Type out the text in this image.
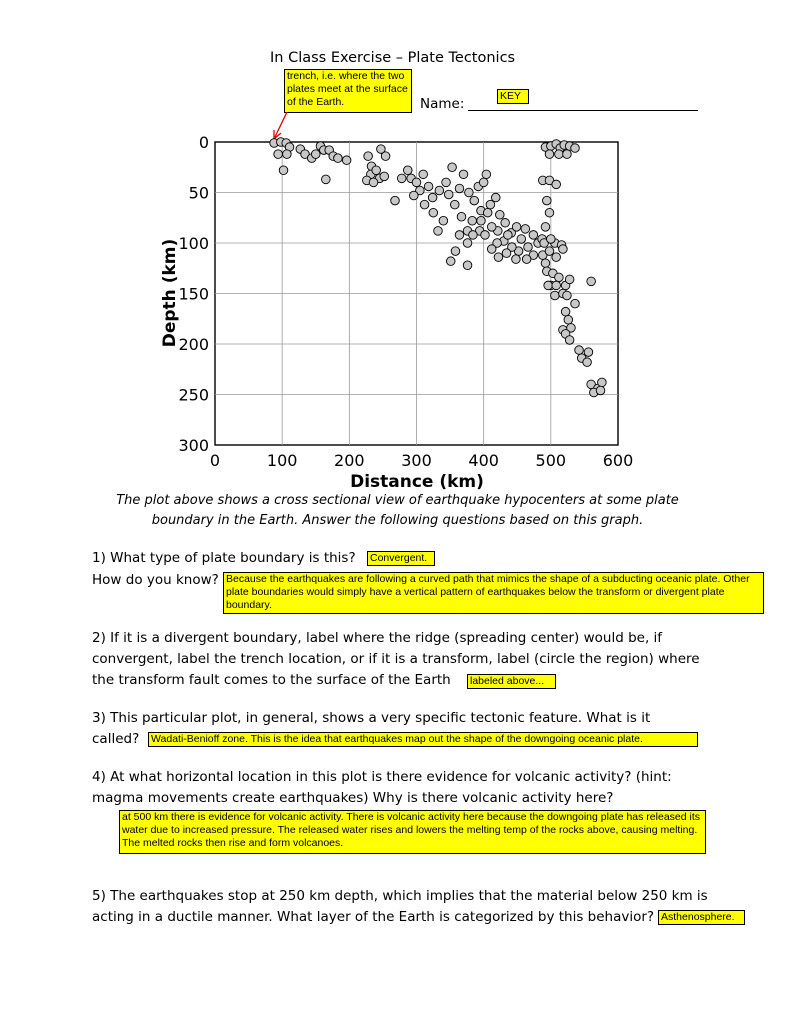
In Class Exercise – Plate Tectonics
trench, i.e. where the two plates meet at the surface of the Earth.	Name:	KEY
0	100 200 300 400 500 600
0
50
100
150
200
250
300
Distance (km)
Depth (km)
The plot above shows a cross sectional view of earthquake hypocenters at some plate boundary in the Earth. Answer the following questions based on this graph.
1) What type of plate boundary is this? Convergent.
How do you know? Because the earthquakes are following a curved path that mimics the shape of a subducting oceanic plate. Other plate boundaries would simply have a vertical pattern of earthquakes below the transform or divergent plate boundary.
2) If it is a divergent boundary, label where the ridge (spreading center) would be, if convergent, label the trench location, or if it is a transform, label (circle the region) where the transform fault comes to the surface of the Earth	labeled above...
3) This particular plot, in general, shows a very specific tectonic feature. What is it
called? Wadati-Benioff zone. This is the idea that earthquakes map out the shape of the downgoing oceanic plate.
4) At what horizontal location in this plot is there evidence for volcanic activity? (hint: magma movements create earthquakes) Why is there volcanic activity here?
at 500 km there is evidence for volcanic activity. There is volcanic activity here because the downgoing plate has released its water due to increased pressure. The released water rises and lowers the melting temp of the rocks above, causing melting. The melted rocks then rise and form volcanoes.
5) The earthquakes stop at 250 km depth, which implies that the material below 250 km is acting in a ductile manner. What layer of the Earth is categorized by this behavior? Asthenosphere.
